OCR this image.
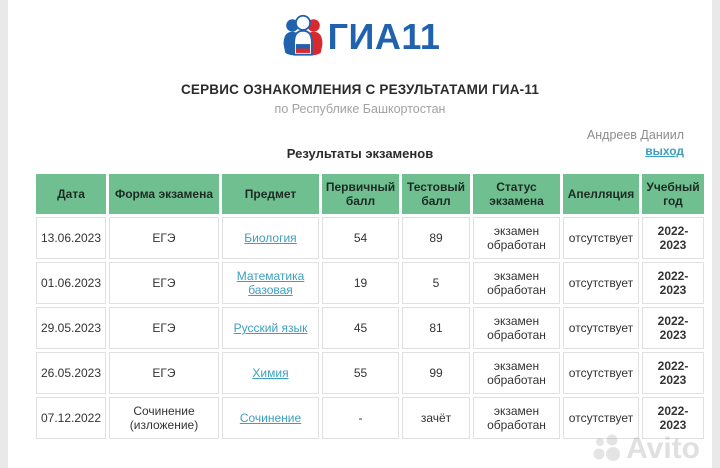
ГИА11
СЕРВИС ОЗНАКОМЛЕНИЯ С РЕЗУЛЬТАТАМИ ГИА-11
по Республике Башкортостан
Андреев Даниил
выход
Результаты экзаменов
Дата	Форма экзамена	Предмет	Первичный балл	Тестовый балл	Статус экзамена	Апелляция	Учебный год
13.06.2023	ЕГЭ	Биология	54	89	экзамен обработан	отсутствует	2022-2023
01.06.2023	ЕГЭ	Математика базовая	19	5	экзамен обработан	отсутствует	2022-2023
29.05.2023	ЕГЭ	Русский язык	45	81	экзамен обработан	отсутствует	2022-2023
26.05.2023	ЕГЭ	Химия	55	99	экзамен обработан	отсутствует	2022-2023
07.12.2022	Сочинение (изложение)	Сочинение	-	зачёт	экзамен обработан	отсутствует	2022-2023
Avito
